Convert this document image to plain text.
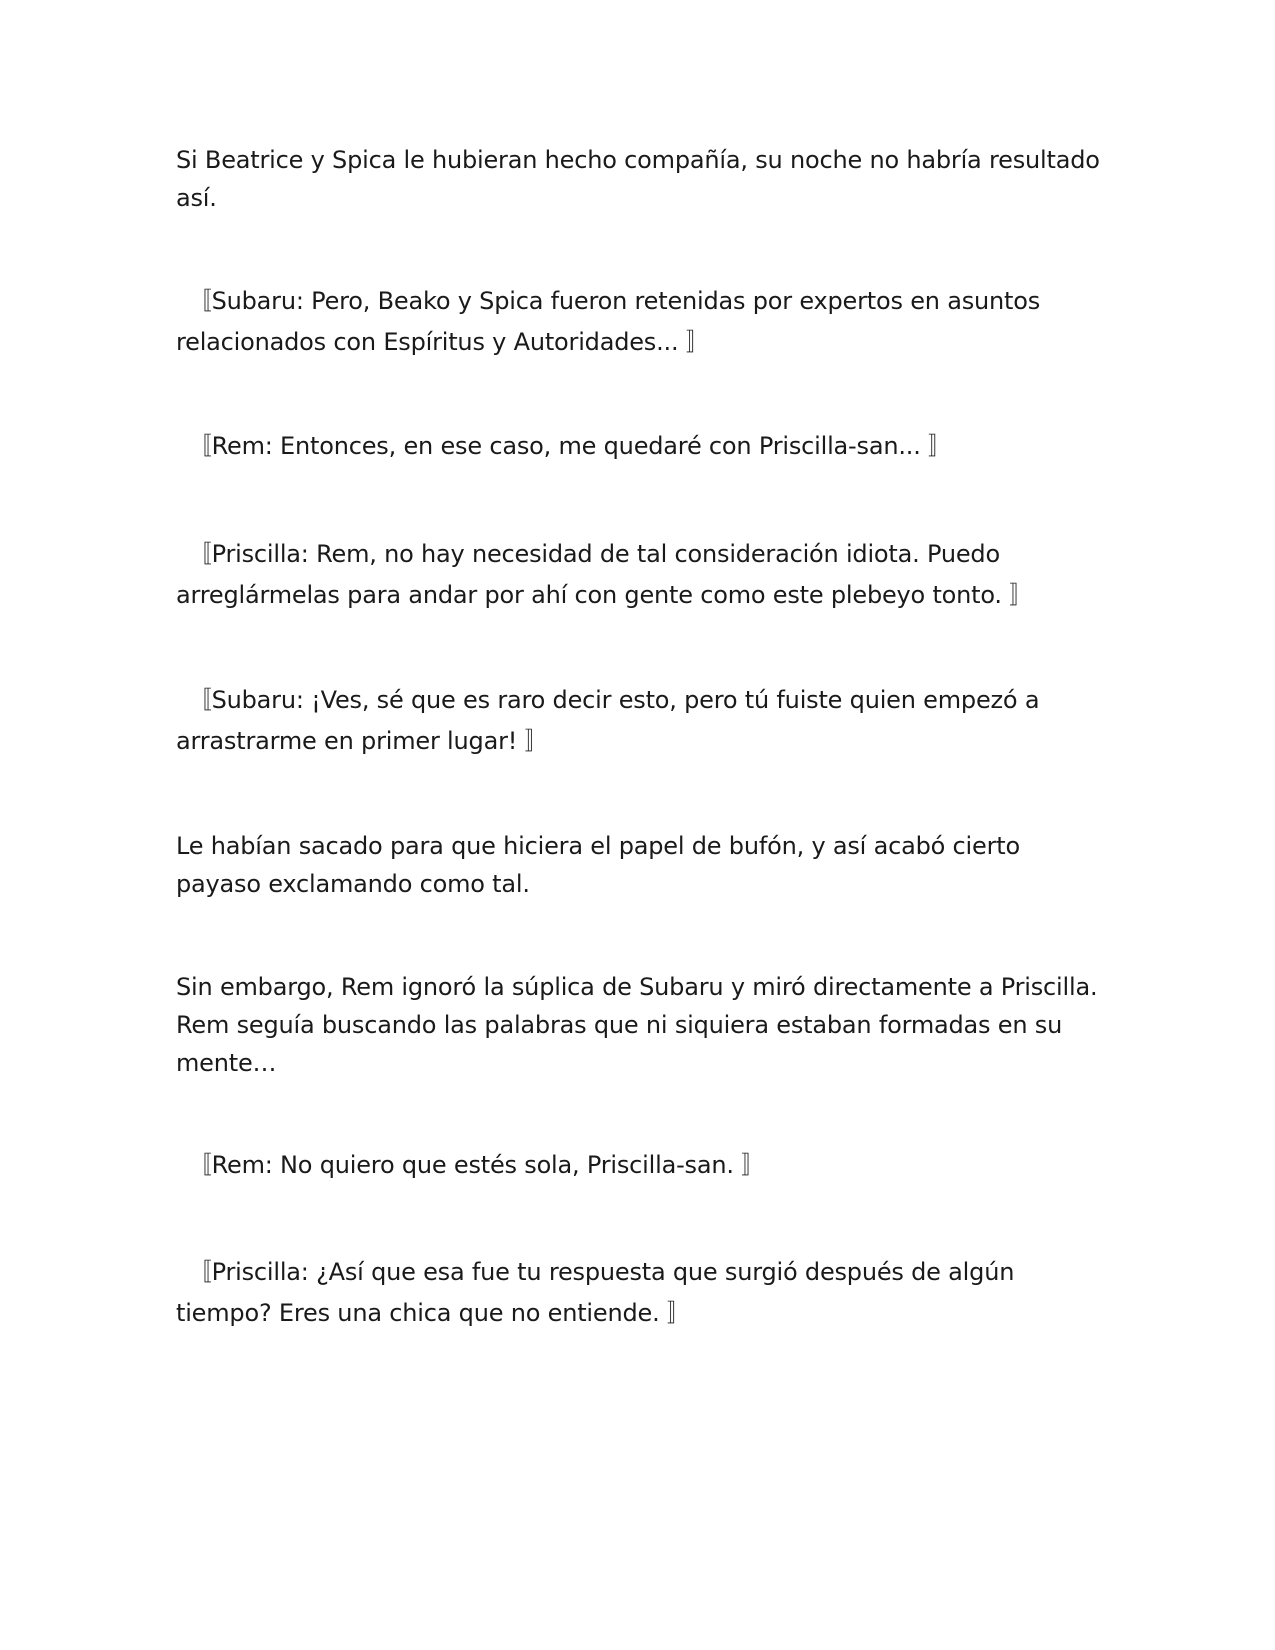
Si Beatrice y Spica le hubieran hecho compañía, su noche no habría resultado así.

　〚Subaru: Pero, Beako y Spica fueron retenidas por expertos en asuntos relacionados con Espíritus y Autoridades... 〛

　〚Rem: Entonces, en ese caso, me quedaré con Priscilla-san... 〛

　〚Priscilla: Rem, no hay necesidad de tal consideración idiota. Puedo arreglármelas para andar por ahí con gente como este plebeyo tonto. 〛

　〚Subaru: ¡Ves, sé que es raro decir esto, pero tú fuiste quien empezó a arrastrarme en primer lugar! 〛

Le habían sacado para que hiciera el papel de bufón, y así acabó cierto payaso exclamando como tal.

Sin embargo, Rem ignoró la súplica de Subaru y miró directamente a Priscilla. Rem seguía buscando las palabras que ni siquiera estaban formadas en su mente…

　〚Rem: No quiero que estés sola, Priscilla-san. 〛

　〚Priscilla: ¿Así que esa fue tu respuesta que surgió después de algún tiempo? Eres una chica que no entiende. 〛
